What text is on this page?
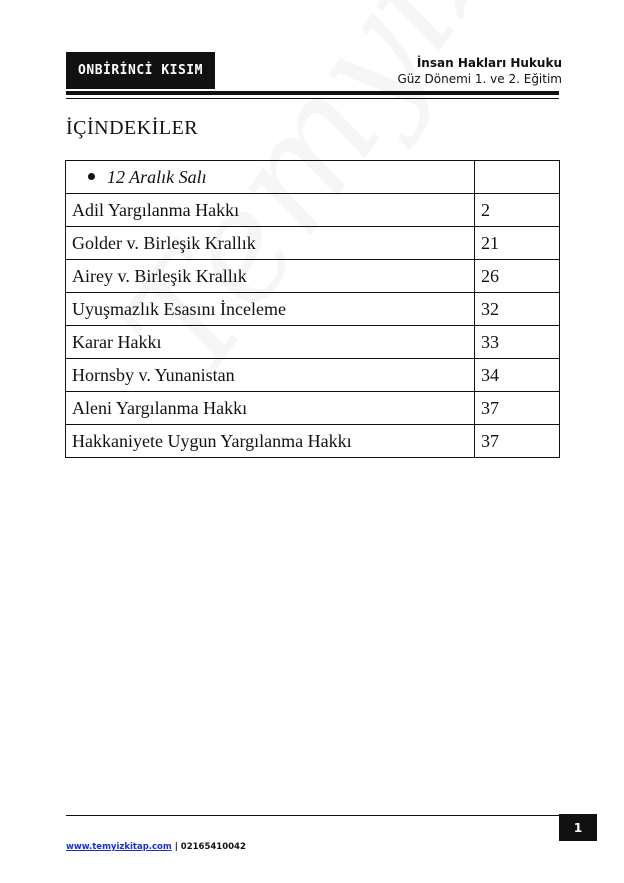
ONBİRİNCİ KISIM	İnsan Hakları Hukuku
Güz Dönemi 1. ve 2. Eğitim
İÇİNDEKİLER
12 Aralık Salı	
Adil Yargılanma Hakkı	2
Golder v. Birleşik Krallık	21
Airey v. Birleşik Krallık	26
Uyuşmazlık Esasını İnceleme	32
Karar Hakkı	33
Hornsby v. Yunanistan	34
Aleni Yargılanma Hakkı	37
Hakkaniyete Uygun Yargılanma Hakkı	37
1
www.temyizkitap.com | 02165410042
